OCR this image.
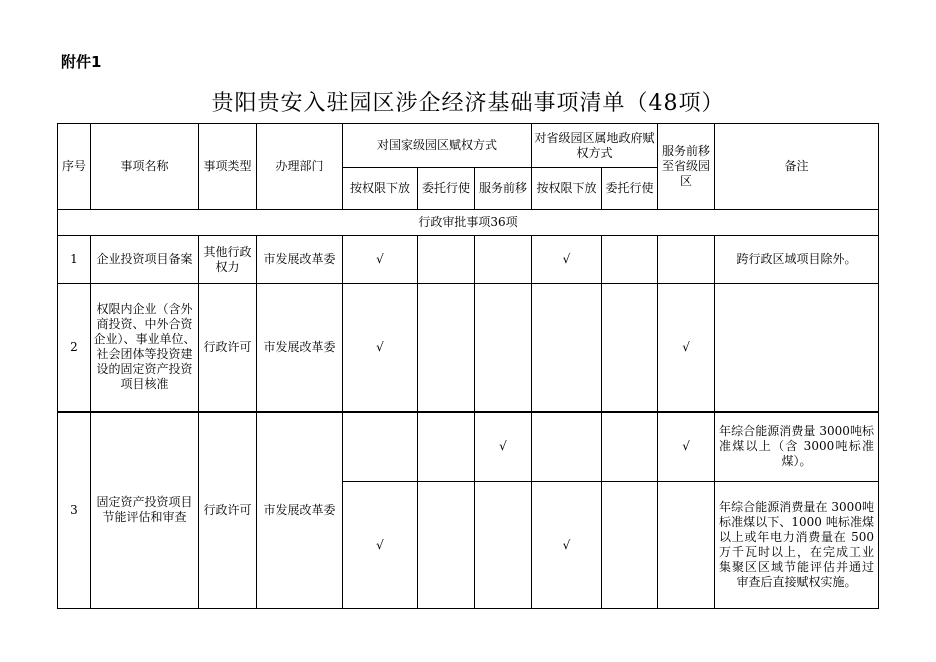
附件1
贵阳贵安入驻园区涉企经济基础事项清单（48项）
序号	事项名称	事项类型	办理部门	对国家级园区赋权方式			对省级园区属地政府赋权方式		服务前移至省级园区	备注
				按权限下放	委托行使	服务前移	按权限下放	委托行使		
行政审批事项36项										
1	企业投资项目备案	其他行政权力	市发展改革委	√			√			跨行政区域项目除外。
2	权限内企业（含外商投资、中外合资企业）、事业单位、社会团体等投资建设的固定资产投资项目核准	行政许可	市发展改革委	√					√	
3	固定资产投资项目节能评估和审查	行政许可	市发展改革委			√			√	年综合能源消费量 3000吨标准煤以上（含 3000吨标准煤）。
				√			√			年综合能源消费量在 3000吨标准煤以下、1000 吨标准煤以上或年电力消费量在 500 万千瓦时以上，在完成工业集聚区区域节能评估并通过审查后直接赋权实施。
